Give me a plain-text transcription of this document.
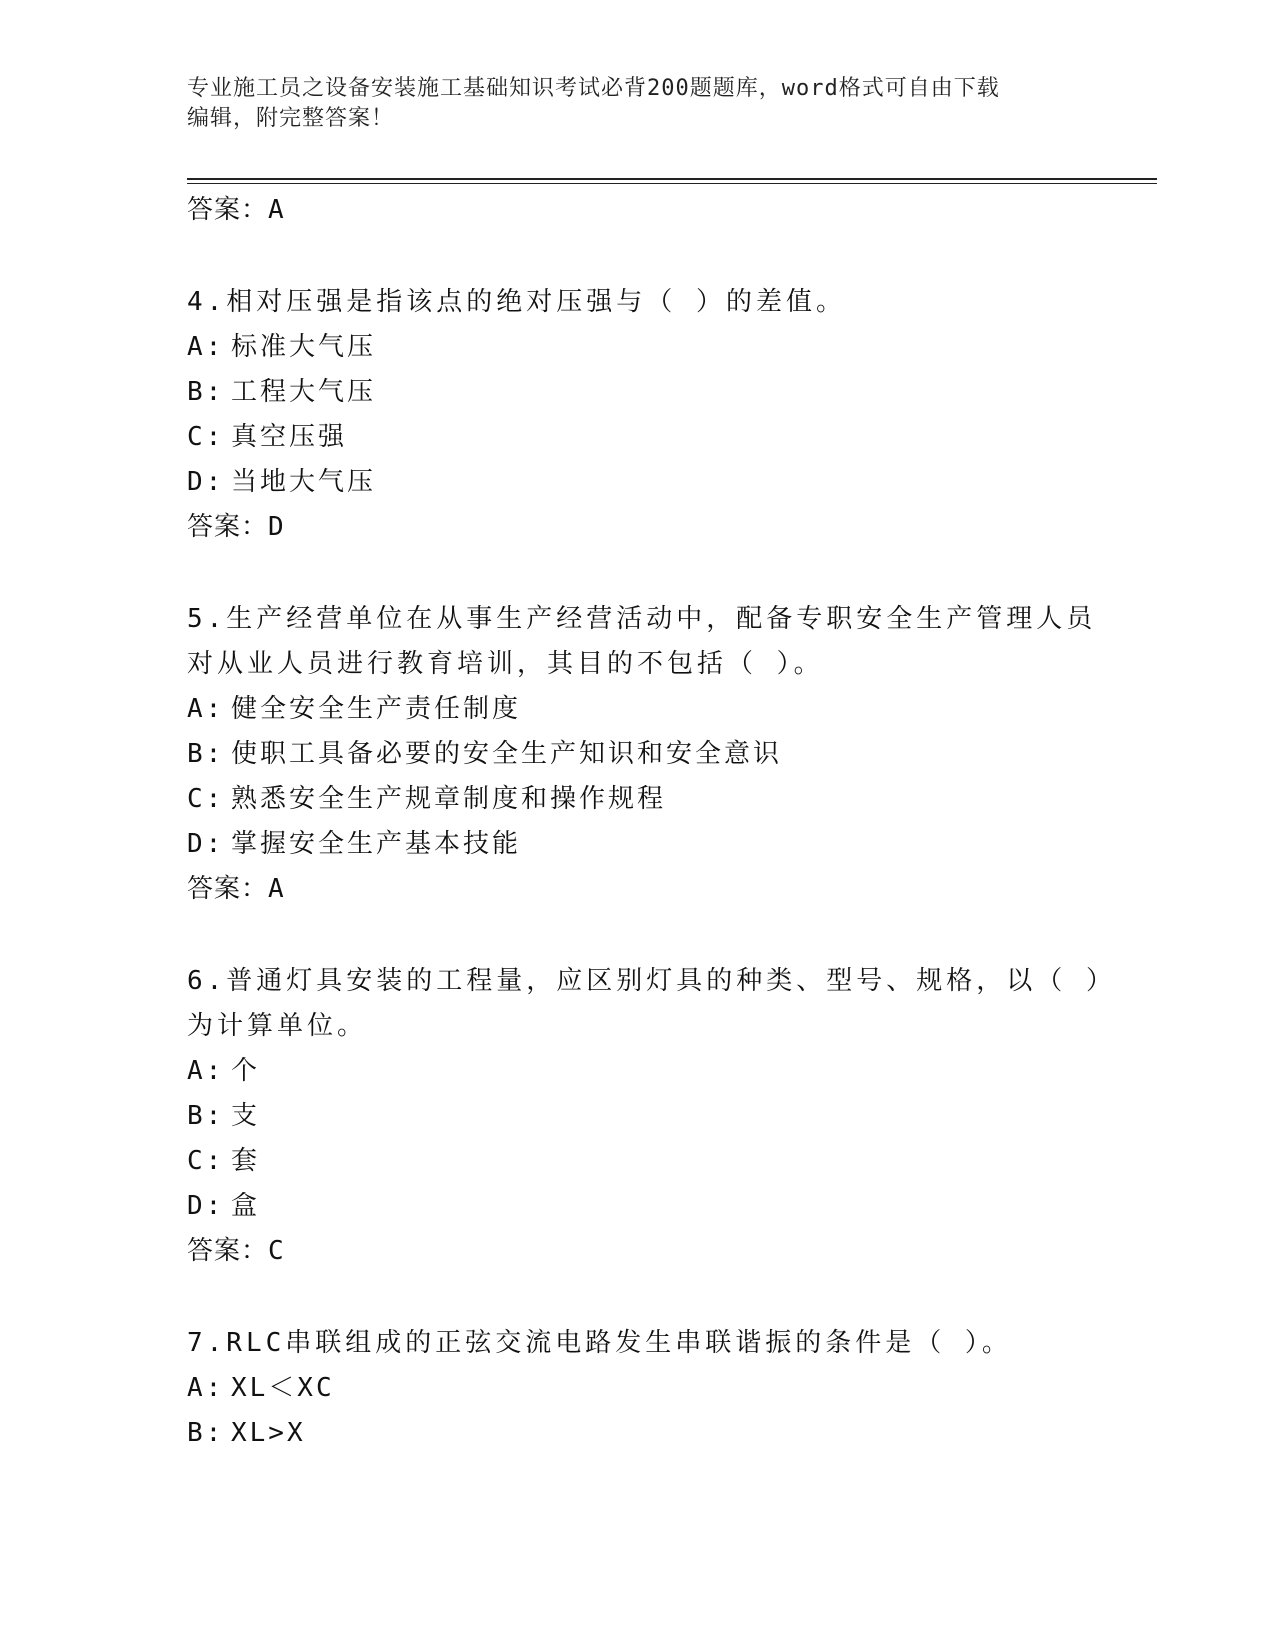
专业施工员之设备安装施工基础知识考试必背200题题库，word格式可自由下载
编辑，附完整答案！
答案：A
4.相对压强是指该点的绝对压强与（ ）的差值。
A: 标准大气压
B: 工程大气压
C: 真空压强
D: 当地大气压
答案：D
5.生产经营单位在从事生产经营活动中，配备专职安全生产管理人员
对从业人员进行教育培训，其目的不包括（ ）。
A: 健全安全生产责任制度
B: 使职工具备必要的安全生产知识和安全意识
C: 熟悉安全生产规章制度和操作规程
D: 掌握安全生产基本技能
答案：A
6.普通灯具安装的工程量，应区别灯具的种类、型号、规格，以（ ）
为计算单位。
A: 个
B: 支
C: 套
D: 盒
答案：C
7.RLC串联组成的正弦交流电路发生串联谐振的条件是（ ）。
A: XL＜XC
B: XL>X
